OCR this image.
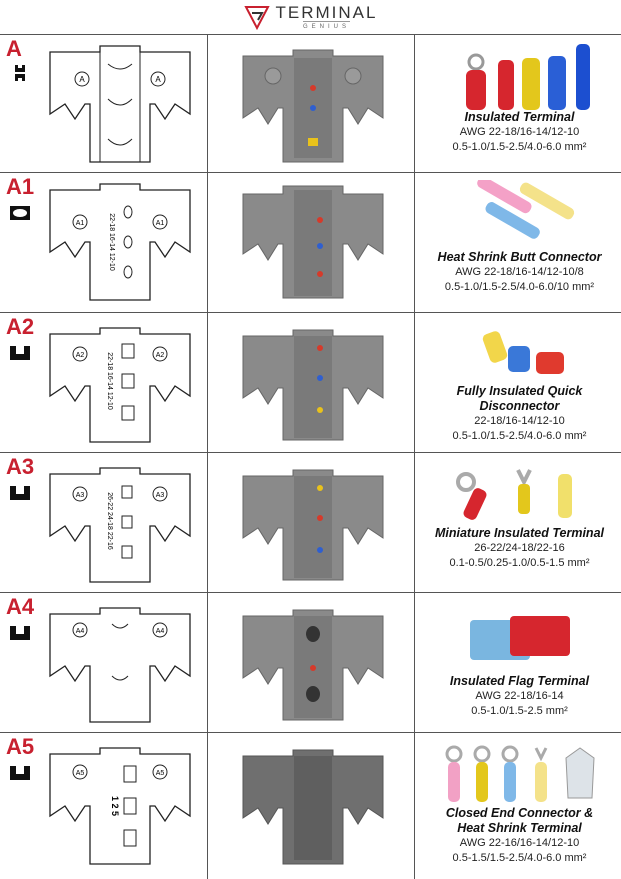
TERMINAL
GENIUS
A
A	A
Insulated Terminal
AWG 22-18/16-14/12-10
0.5-1.0/1.5-2.5/4.0-6.0 mm²
A1
A1	A1
22-18 16-14 12-10	Heat Shrink Butt Connector
AWG 22-18/16-14/12-10/8
0.5-1.0/1.5-2.5/4.0-6.0/10 mm²
A2
A2	A2
22-18 16-14 12-10	Fully Insulated Quick
Disconnector
22-18/16-14/12-10
0.5-1.0/1.5-2.5/4.0-6.0 mm²
A3
A3	A3
26-22 24-18 22-16	Miniature Insulated Terminal
26-22/24-18/22-16
0.1-0.5/0.25-1.0/0.5-1.5 mm²
A4
A4	A4
Insulated Flag Terminal
AWG 22-18/16-14
0.5-1.0/1.5-2.5 mm²
A5
A5	A5
1 2 5	Closed End Connector &
Heat Shrink Terminal
AWG 22-16/16-14/12-10
0.5-1.5/1.5-2.5/4.0-6.0 mm²
